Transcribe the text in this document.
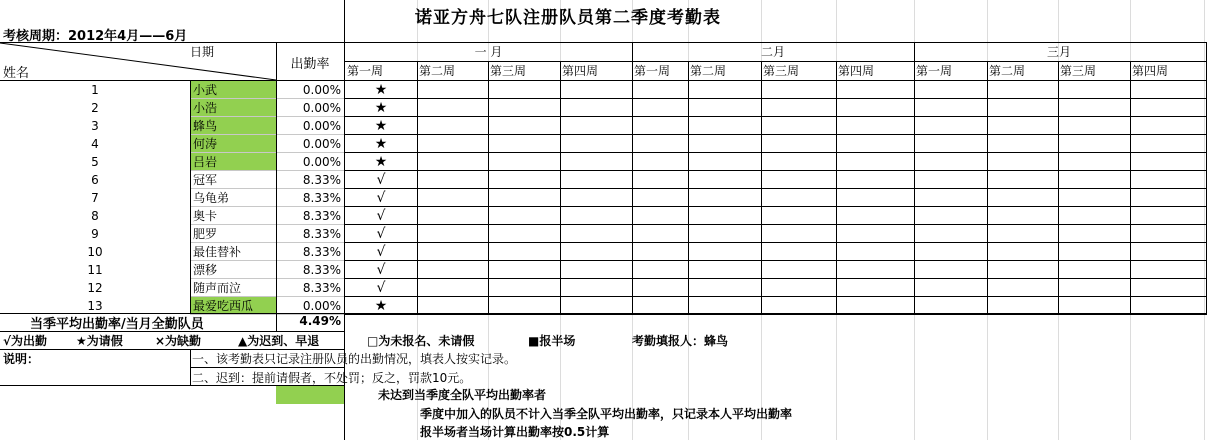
诺亚方舟七队注册队员第二季度考勤表
考核周期：2012年4月——6月
日期
姓名
出勤率
一 月	二月	三月
第一周	第二周	第三周	第四周	第一周 第二周	第三周	第四周	第一周	第二周	第三周	第四周
1	小武	0.00%	★
2	小浩	0.00%	★
3	蜂鸟	0.00%	★
4	何涛	0.00%	★
5	吕岩	0.00%	★
6	冠军	8.33%	√
7	乌龟弟	8.33%	√
8	奥卡	8.33%	√
9	肥罗	8.33%	√
10	最佳替补	8.33%	√
11	漂移	8.33%	√
12	随声而泣	8.33%	√
13	最爱吃西瓜	0.00%	★
当季平均出勤率/当月全勤队员	4.49%
√为出勤 ★为请假	×为缺勤	▲为迟到、早退	□为未报名、未请假	■报半场	考勤填报人：蜂鸟
说明：	一、该考勤表只记录注册队员的出勤情况，填表人按实记录。
二、迟到：提前请假者，不处罚；反之，罚款10元。
未达到当季度全队平均出勤率者
季度中加入的队员不计入当季全队平均出勤率，只记录本人平均出勤率
报半场者当场计算出勤率按0.5计算
